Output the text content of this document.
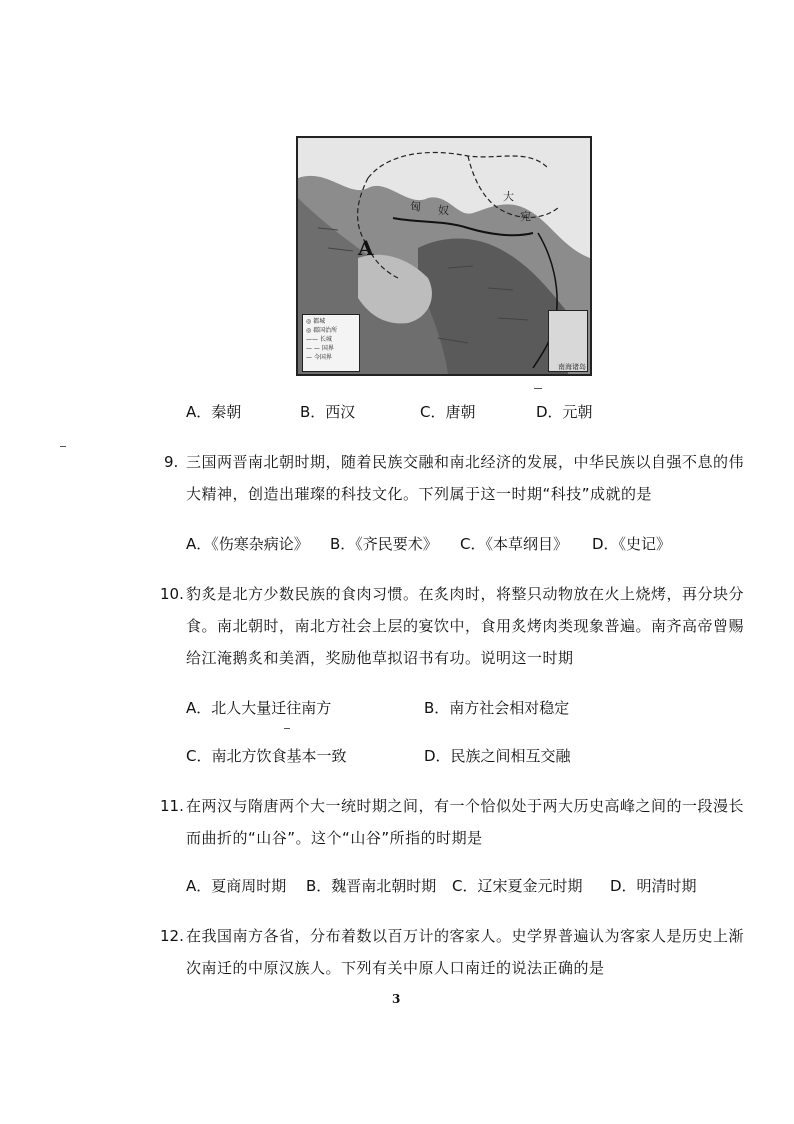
A
匈 奴
大
宛
◎ 都城
◎ 郡国治所
—— 长城
— — 国界
— 今国界
南海诸岛
A．秦朝	B．西汉	C．唐朝	D．元朝
9. 三国两晋南北朝时期，随着民族交融和南北经济的发展，中华民族以自强不息的伟
大精神，创造出璀璨的科技文化。下列属于这一时期“科技”成就的是
A．《伤寒杂病论》 B．《齐民要术》 C．《本草纲目》 D．《史记》
10. 豹炙是北方少数民族的食肉习惯。在炙肉时，将整只动物放在火上烧烤，再分块分
食。南北朝时，南北方社会上层的宴饮中，食用炙烤肉类现象普遍。南齐高帝曾赐
给江淹鹅炙和美酒，奖励他草拟诏书有功。说明这一时期
A．北人大量迁往南方	B．南方社会相对稳定
C．南北方饮食基本一致	D．民族之间相互交融
11. 在两汉与隋唐两个大一统时期之间，有一个恰似处于两大历史高峰之间的一段漫长
而曲折的“山谷”。这个“山谷”所指的时期是
A．夏商周时期 B．魏晋南北朝时期 C．辽宋夏金元时期 D．明清时期
12. 在我国南方各省，分布着数以百万计的客家人。史学界普遍认为客家人是历史上渐
次南迁的中原汉族人。下列有关中原人口南迁的说法正确的是
3
